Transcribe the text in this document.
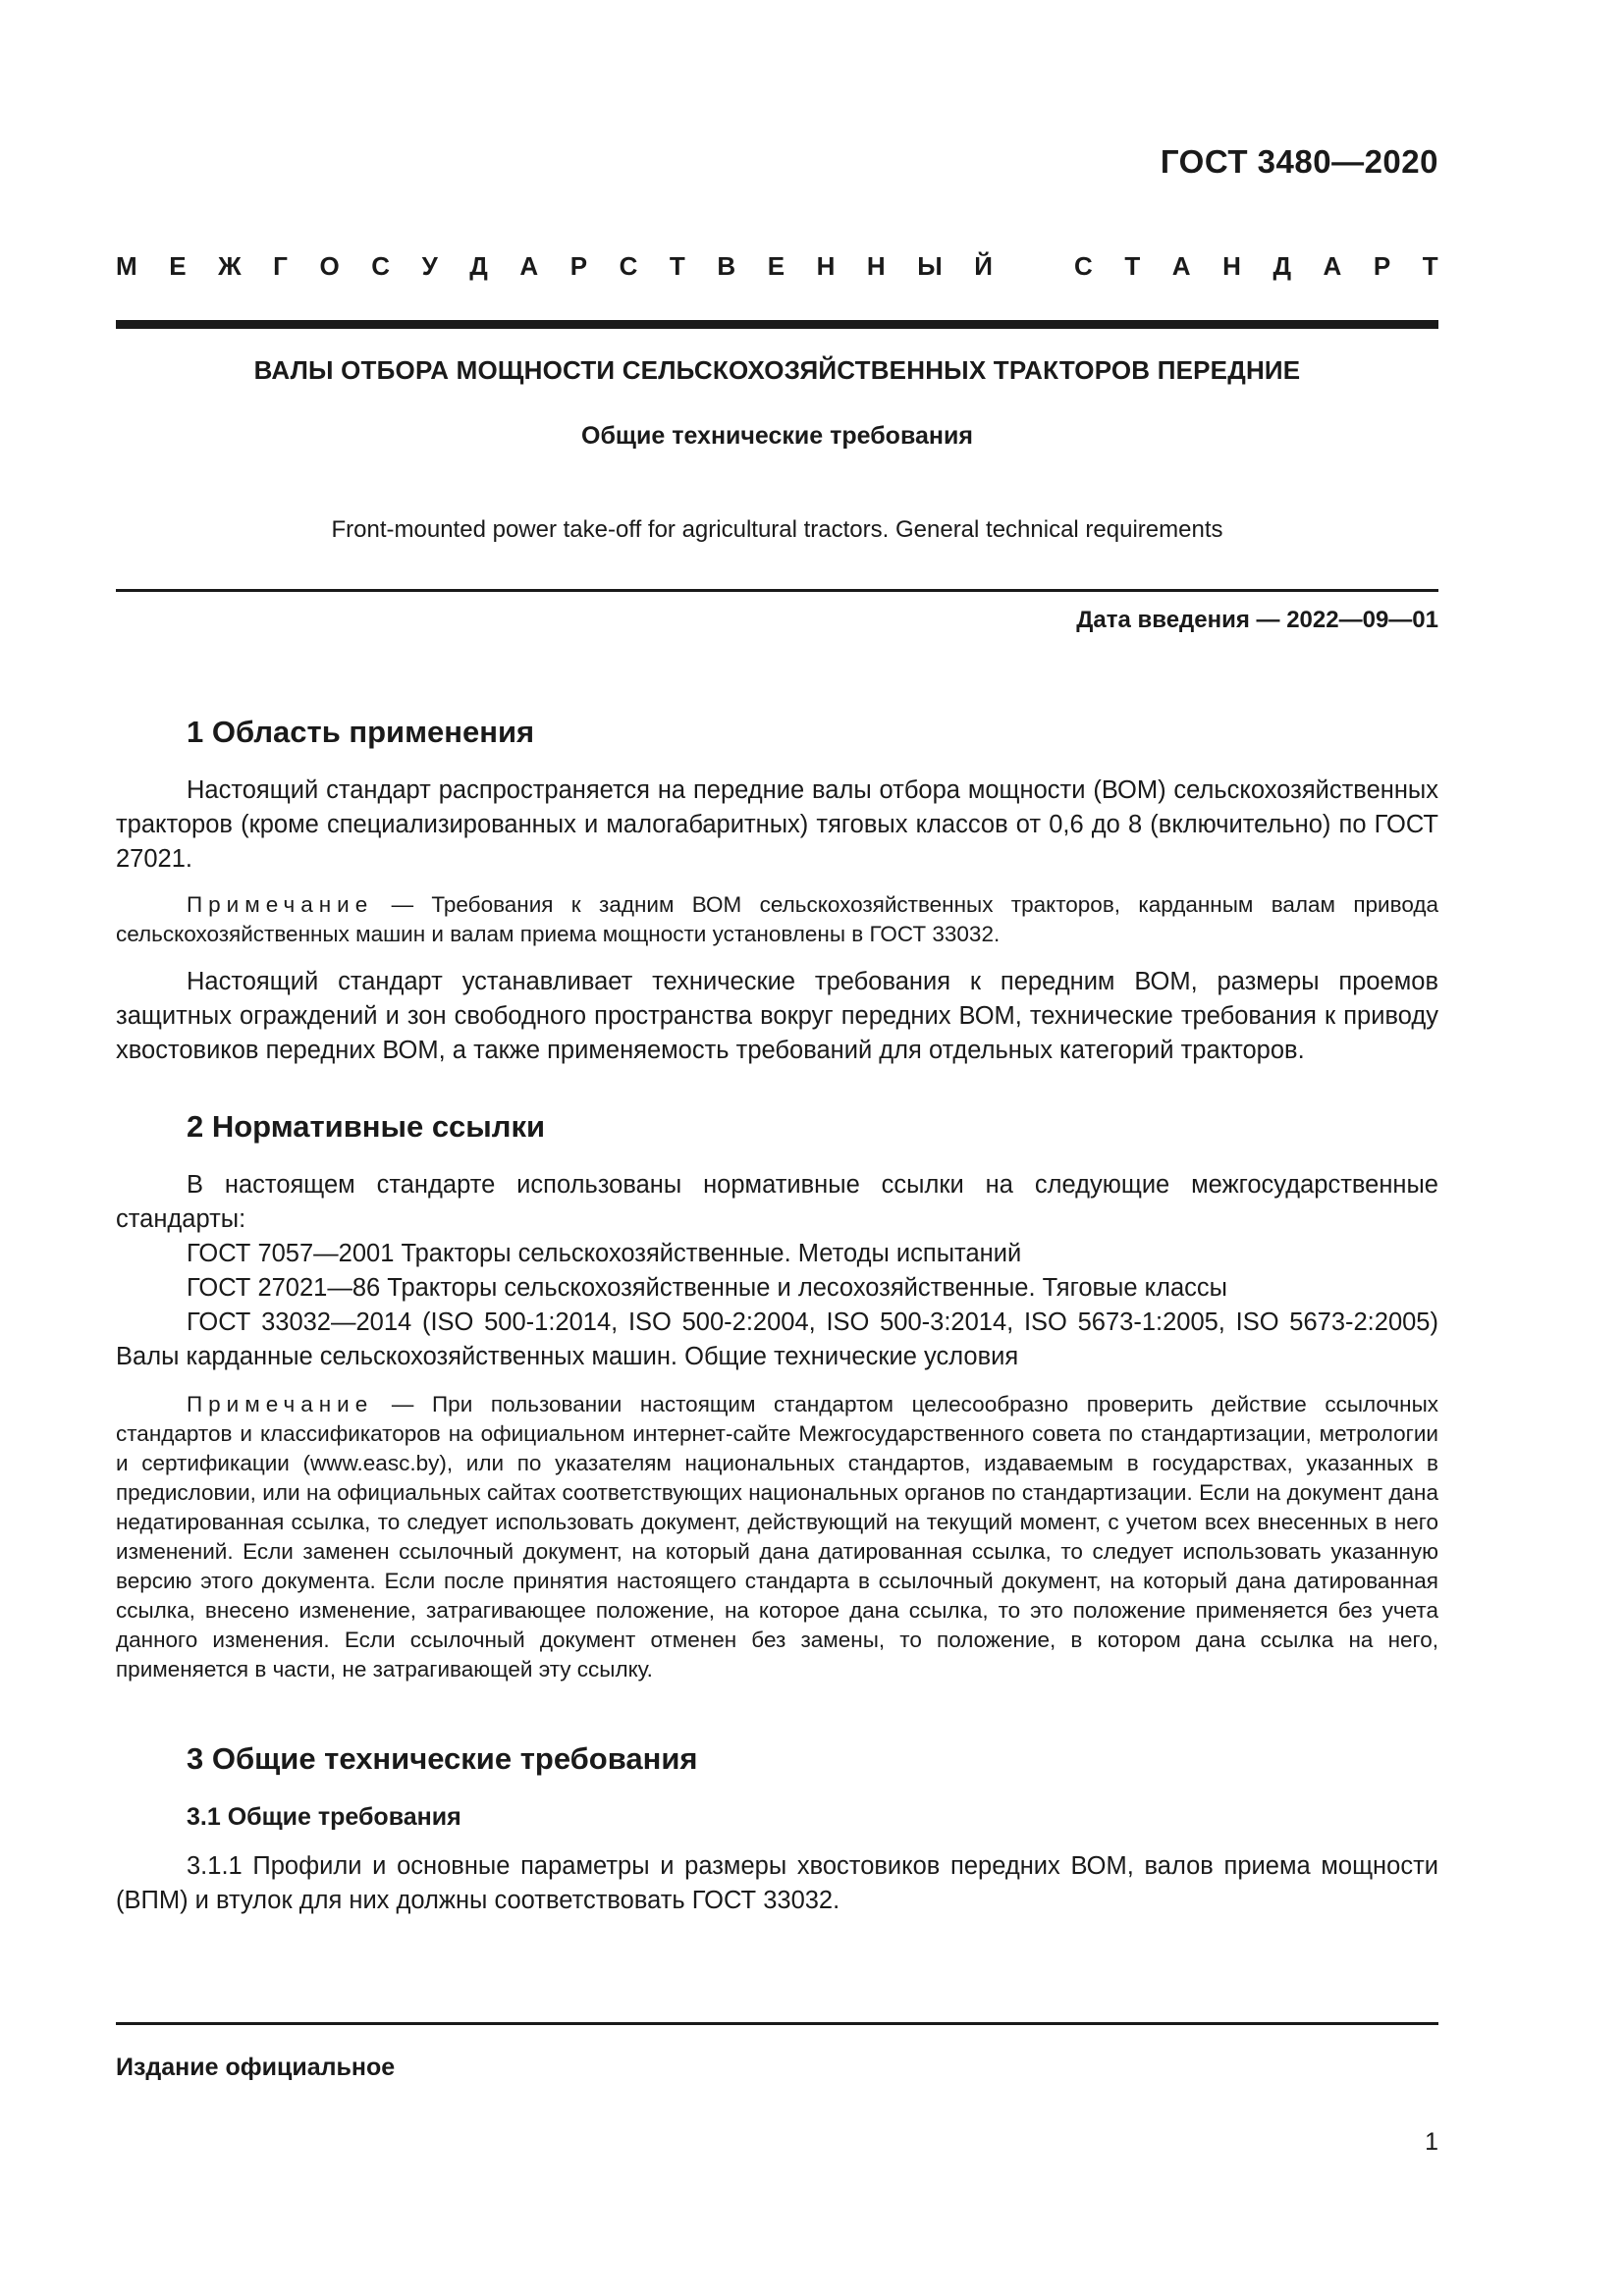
ГОСТ 3480—2020
М Е Ж Г О С У Д А Р С Т В Е Н Н Ы Й	С Т А Н Д А Р Т
ВАЛЫ ОТБОРА МОЩНОСТИ СЕЛЬСКОХОЗЯЙСТВЕННЫХ ТРАКТОРОВ ПЕРЕДНИЕ
Общие технические требования
Front-mounted power take-off for agricultural tractors. General technical requirements
Дата введения — 2022—09—01
1 Область применения

Настоящий стандарт распространяется на передние валы отбора мощности (ВОМ) сельскохозяйственных тракторов (кроме специализированных и малогабаритных) тяговых классов от 0,6 до 8 (включительно) по ГОСТ 27021.

Примечание — Требования к задним ВОМ сельскохозяйственных тракторов, карданным валам привода сельскохозяйственных машин и валам приема мощности установлены в ГОСТ 33032.

Настоящий стандарт устанавливает технические требования к передним ВОМ, размеры проемов защитных ограждений и зон свободного пространства вокруг передних ВОМ, технические требования к приводу хвостовиков передних ВОМ, а также применяемость требований для отдельных категорий тракторов.

2 Нормативные ссылки

В настоящем стандарте использованы нормативные ссылки на следующие межгосударственные стандарты:

ГОСТ 7057—2001 Тракторы сельскохозяйственные. Методы испытаний

ГОСТ 27021—86 Тракторы сельскохозяйственные и лесохозяйственные. Тяговые классы

ГОСТ 33032—2014 (ISO 500-1:2014, ISO 500-2:2004, ISO 500-3:2014, ISO 5673-1:2005, ISO 5673-2:2005) Валы карданные сельскохозяйственных машин. Общие технические условия

Примечание — При пользовании настоящим стандартом целесообразно проверить действие ссылочных стандартов и классификаторов на официальном интернет-сайте Межгосударственного совета по стандартизации, метрологии и сертификации (www.easc.by), или по указателям национальных стандартов, издаваемым в государствах, указанных в предисловии, или на официальных сайтах соответствующих национальных органов по стандартизации. Если на документ дана недатированная ссылка, то следует использовать документ, действующий на текущий момент, с учетом всех внесенных в него изменений. Если заменен ссылочный документ, на который дана датированная ссылка, то следует использовать указанную версию этого документа. Если после принятия настоящего стандарта в ссылочный документ, на который дана датированная ссылка, внесено изменение, затрагивающее положение, на которое дана ссылка, то это положение применяется без учета данного изменения. Если ссылочный документ отменен без замены, то положение, в котором дана ссылка на него, применяется в части, не затрагивающей эту ссылку.

3 Общие технические требования
3.1 Общие требования

3.1.1 Профили и основные параметры и размеры хвостовиков передних ВОМ, валов приема мощности (ВПМ) и втулок для них должны соответствовать ГОСТ 33032.

Издание официальное
1
